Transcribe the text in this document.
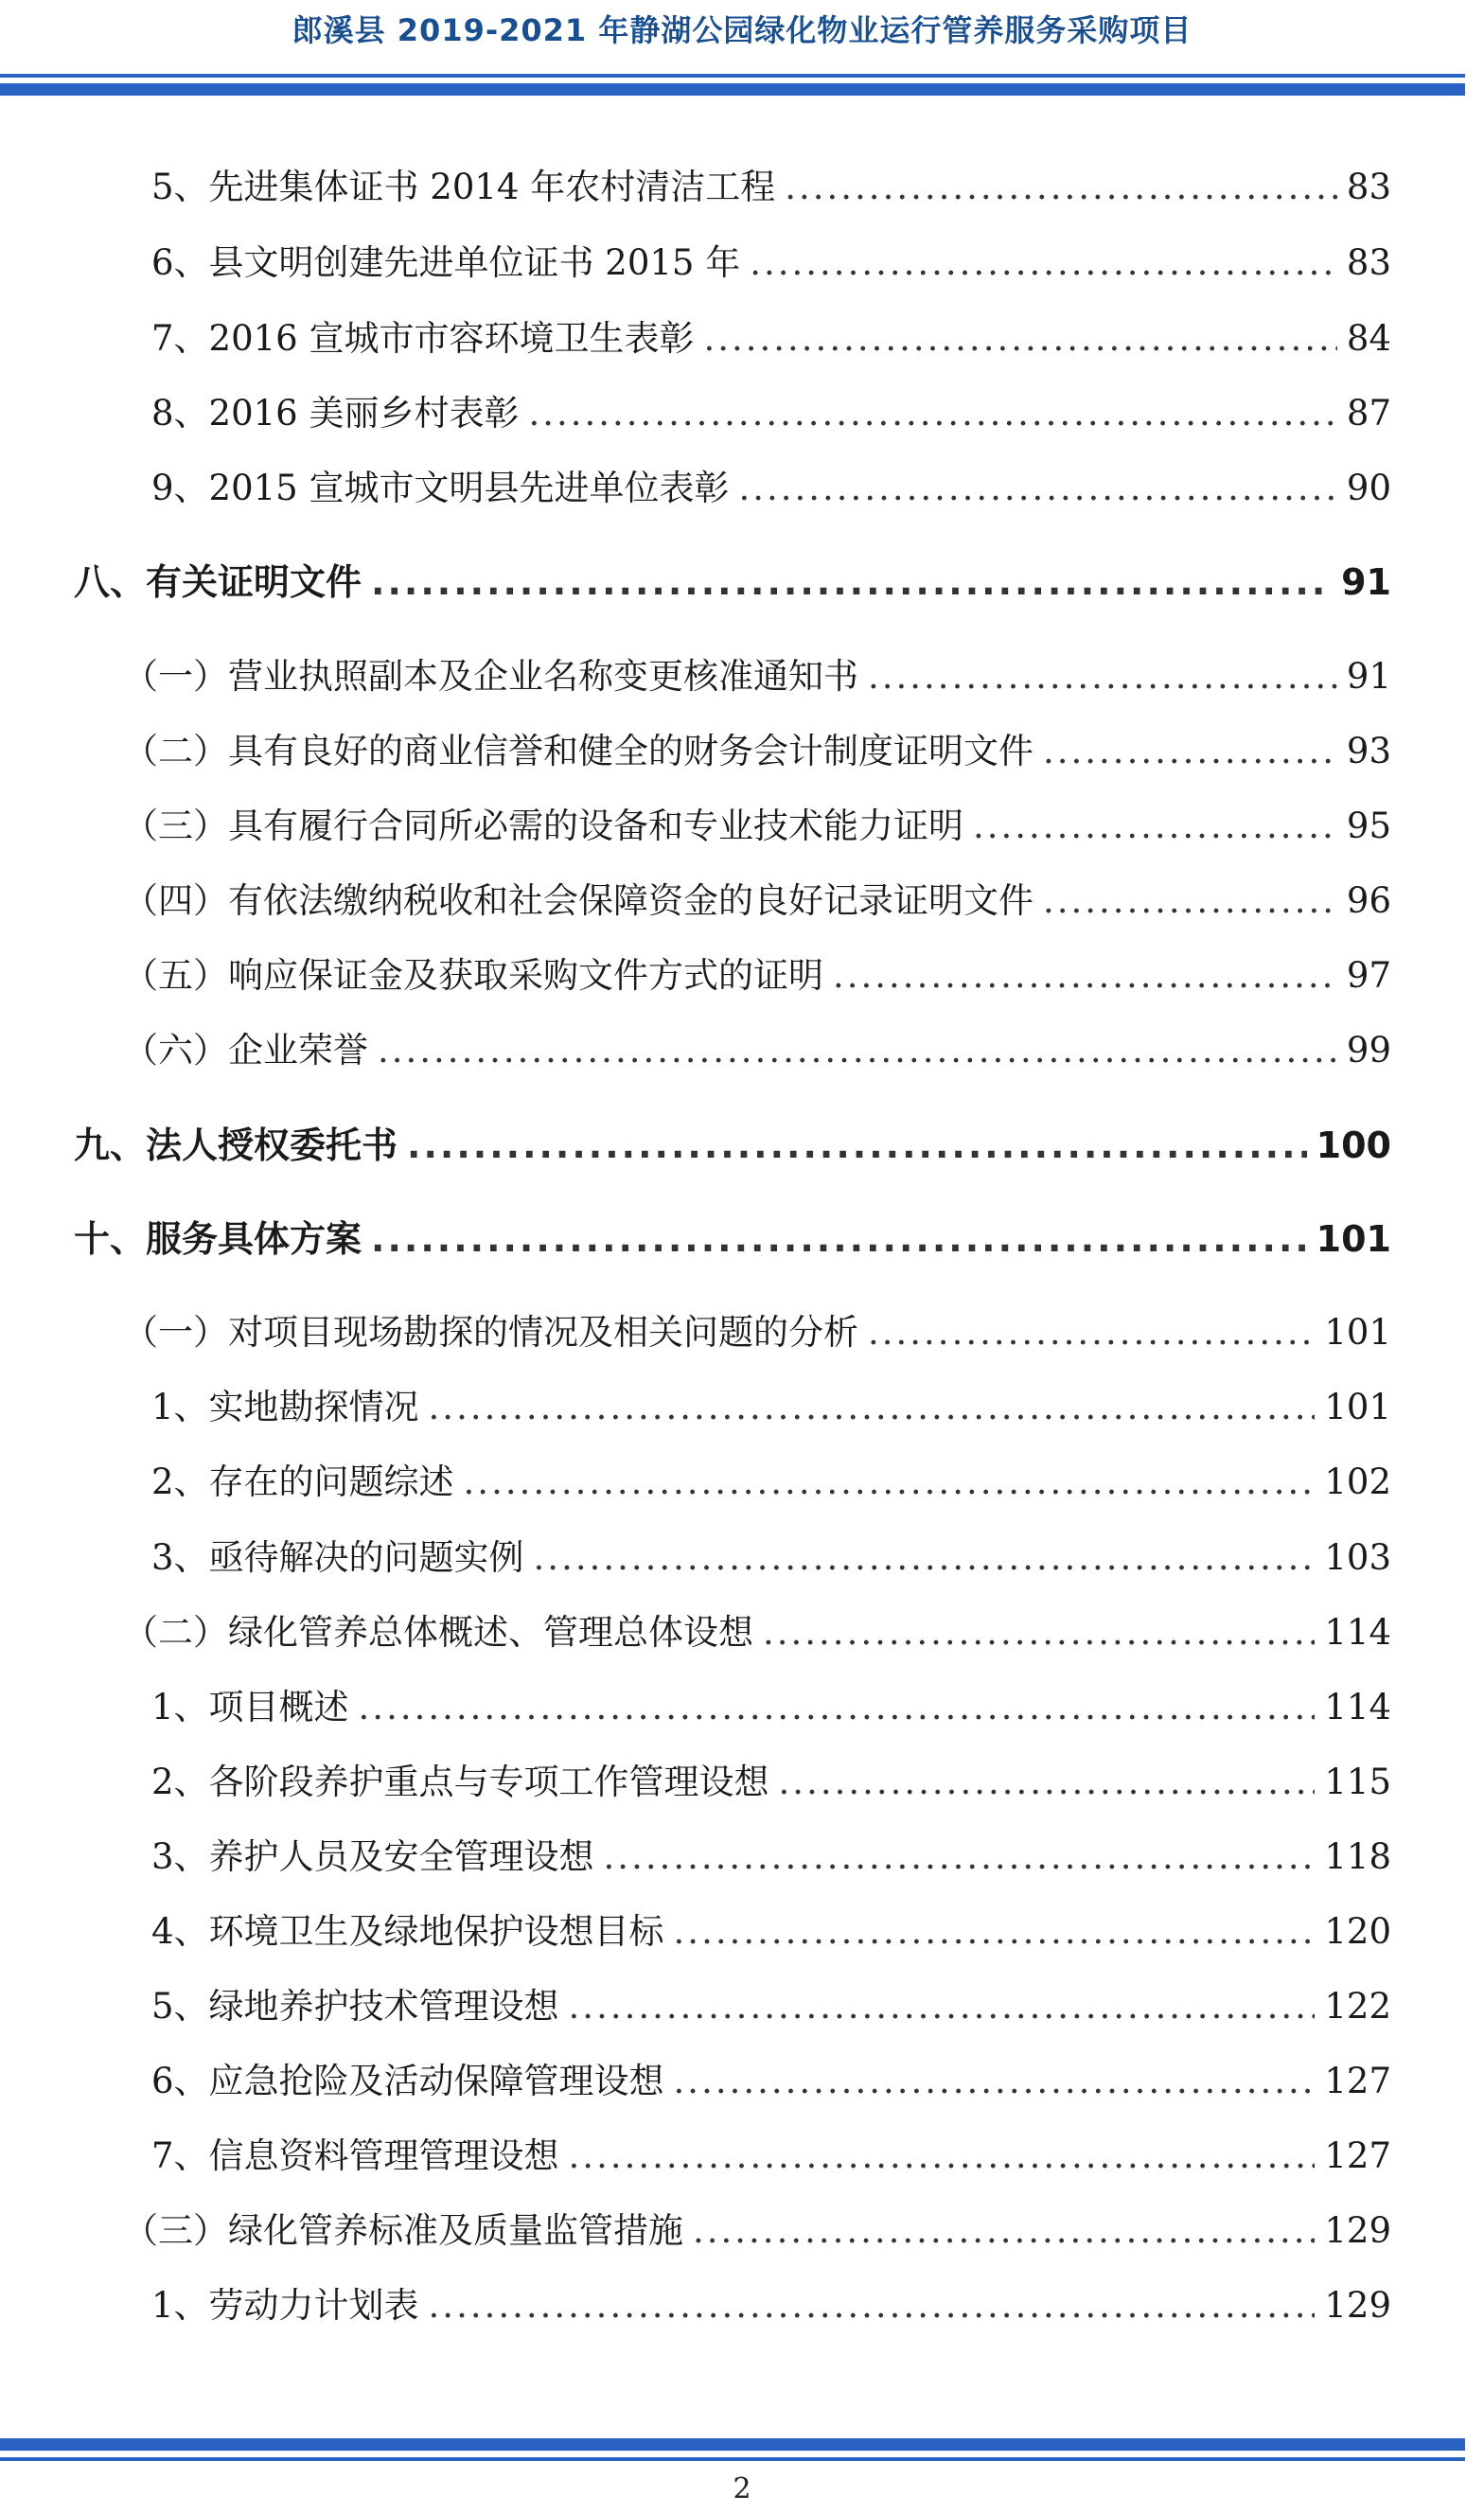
郎溪县 2019-2021 年静湖公园绿化物业运行管养服务采购项目
5、先进集体证书 2014 年农村清洁工程 .....	83
6、县文明创建先进单位证书 2015 年 .....	83
7、2016 宣城市市容环境卫生表彰 .....	84
8、2016 美丽乡村表彰 .....	87
9、2015 宣城市文明县先进单位表彰 .....	90
八、有关证明文件 .....	91
（一）营业执照副本及企业名称变更核准通知书 .....	91
（二）具有良好的商业信誉和健全的财务会计制度证明文件 .....	93
（三）具有履行合同所必需的设备和专业技术能力证明 .....	95
（四）有依法缴纳税收和社会保障资金的良好记录证明文件 .....	96
（五）响应保证金及获取采购文件方式的证明 .....	97
（六）企业荣誉 .....	99
九、法人授权委托书 .....	100
十、服务具体方案 .....	101
（一）对项目现场勘探的情况及相关问题的分析 .....	101
1、实地勘探情况 .....	101
2、存在的问题综述 .....	102
3、亟待解决的问题实例 .....	103
（二）绿化管养总体概述、管理总体设想 .....	114
1、项目概述 .....	114
2、各阶段养护重点与专项工作管理设想 .....	115
3、养护人员及安全管理设想 .....	118
4、环境卫生及绿地保护设想目标 .....	120
5、绿地养护技术管理设想 .....	122
6、应急抢险及活动保障管理设想 .....	127
7、信息资料管理管理设想 .....	127
（三）绿化管养标准及质量监管措施 .....	129
1、劳动力计划表 .....	129
2
